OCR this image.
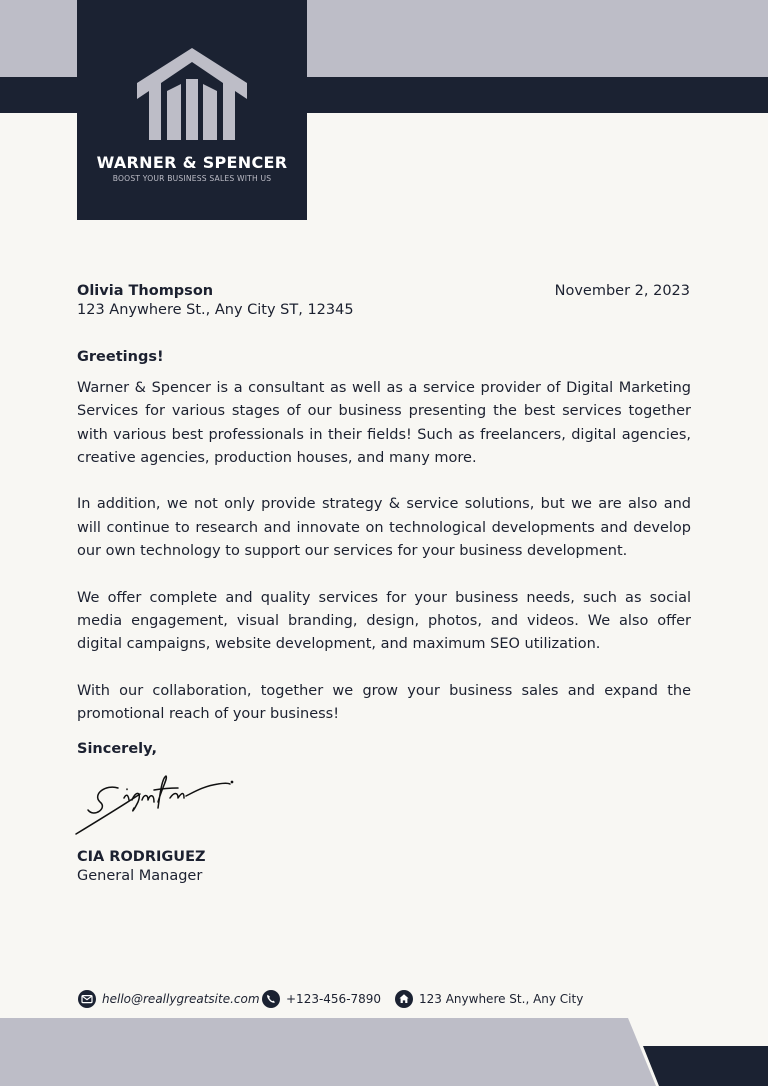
WARNER & SPENCER
BOOST YOUR BUSINESS SALES WITH US
Olivia Thompson
123 Anywhere St., Any City ST, 12345
November 2, 2023
Greetings!

Warner & Spencer is a consultant as well as a service provider of Digital Marketing Services for various stages of our business presenting the best services together with various best professionals in their fields! Such as freelancers, digital agencies, creative agencies, production houses, and many more.

In addition, we not only provide strategy & service solutions, but we are also and will continue to research and innovate on technological developments and develop our own technology to support our services for your business development.

We offer complete and quality services for your business needs, such as social media engagement, visual branding, design, photos, and videos. We also offer digital campaigns, website development, and maximum SEO utilization.

With our collaboration, together we grow your business sales and expand the promotional reach of your business!

Sincerely,
CIA RODRIGUEZ
General Manager
hello@reallygreatsite.com +123-456-7890	123 Anywhere St., Any City
